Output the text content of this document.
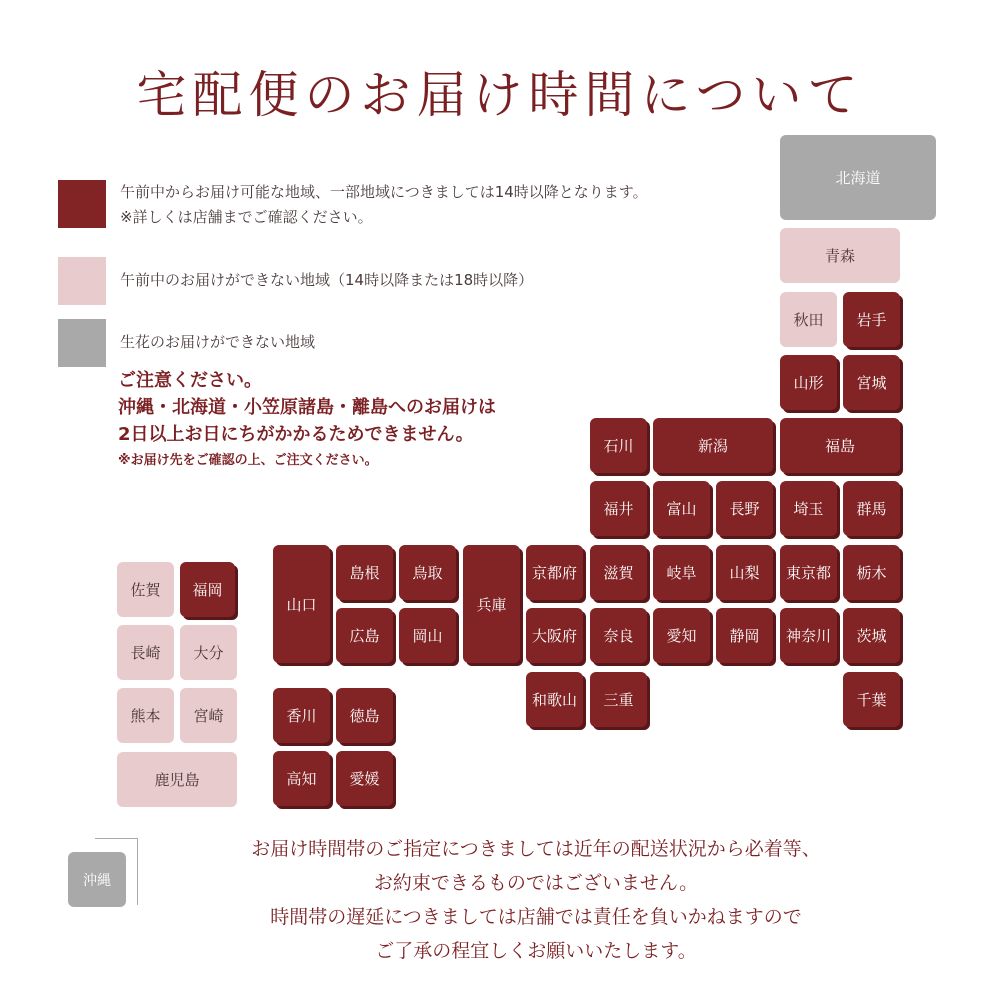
宅配便のお届け時間について
午前中からお届け可能な地域、一部地域につきましては14時以降となります。
※詳しくは店舗までご確認ください。
午前中のお届けができない地域（14時以降または18時以降）
生花のお届けができない地域
ご注意ください。
沖縄・北海道・小笠原諸島・離島へのお届けは
2日以上お日にちがかかるためできません。
※お届け先をご確認の上、ご注文ください。
北海道
青森
秋田 岩手
山形 宮城
石川	新潟	福島
福井 富山 長野 埼玉 群馬
山口
島根 鳥取
兵庫
京都府 滋賀 岐阜 山梨 東京都 栃木
広島 岡山	大阪府 奈良 愛知 静岡 神奈川 茨城
和歌山 三重	千葉
香川 徳島
高知 愛媛
佐賀 福岡
長崎 大分
熊本 宮崎
鹿児島
沖縄
お届け時間帯のご指定につきましては近年の配送状況から必着等、
お約束できるものではございません。
時間帯の遅延につきましては店舗では責任を負いかねますので
ご了承の程宜しくお願いいたします。
